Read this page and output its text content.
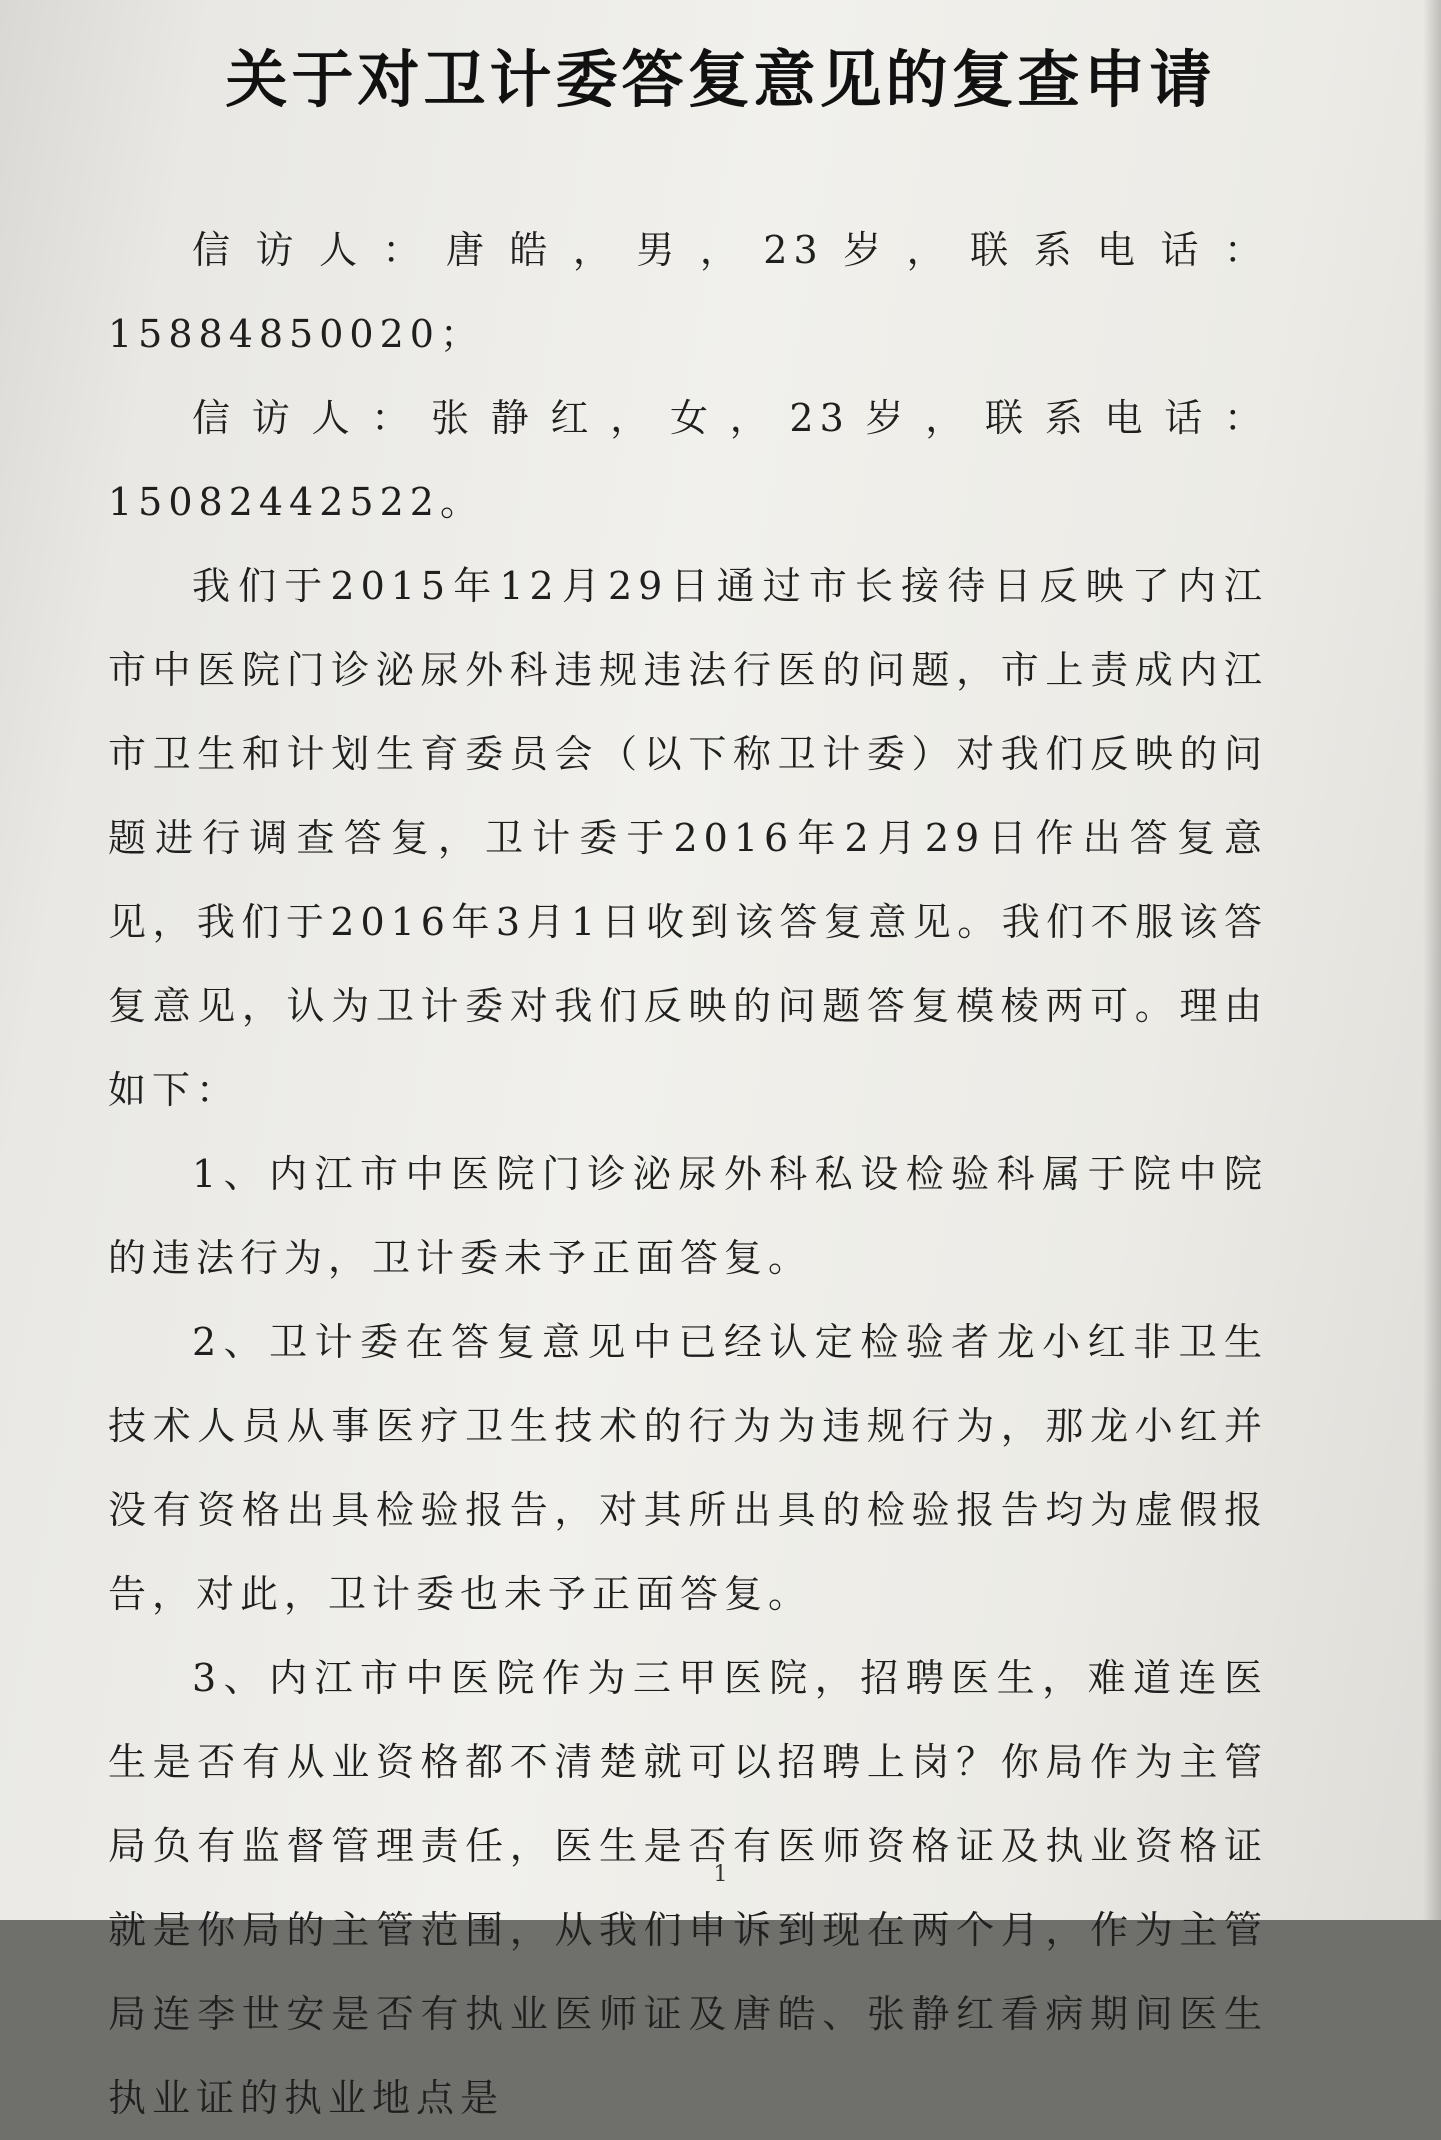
关于对卫计委答复意见的复查申请

信访人：唐皓，男，23岁，联系电话：15884850020；

信访人：张静红，女，23岁，联系电话：15082442522。

我们于2015年12月29日通过市长接待日反映了内江市中医院门诊泌尿外科违规违法行医的问题，市上责成内江市卫生和计划生育委员会（以下称卫计委）对我们反映的问题进行调查答复，卫计委于2016年2月29日作出答复意见，我们于2016年3月1日收到该答复意见。我们不服该答复意见，认为卫计委对我们反映的问题答复模棱两可。理由如下：

1、内江市中医院门诊泌尿外科私设检验科属于院中院的违法行为，卫计委未予正面答复。

2、卫计委在答复意见中已经认定检验者龙小红非卫生技术人员从事医疗卫生技术的行为为违规行为，那龙小红并没有资格出具检验报告，对其所出具的检验报告均为虚假报告，对此，卫计委也未予正面答复。

3、内江市中医院作为三甲医院，招聘医生，难道连医生是否有从业资格都不清楚就可以招聘上岗？你局作为主管局负有监督管理责任，医生是否有医师资格证及执业资格证就是你局的主管范围，从我们申诉到现在两个月，作为主管局连李世安是否有执业医师证及唐皓、张静红看病期间医生执业证的执业地点是

1
